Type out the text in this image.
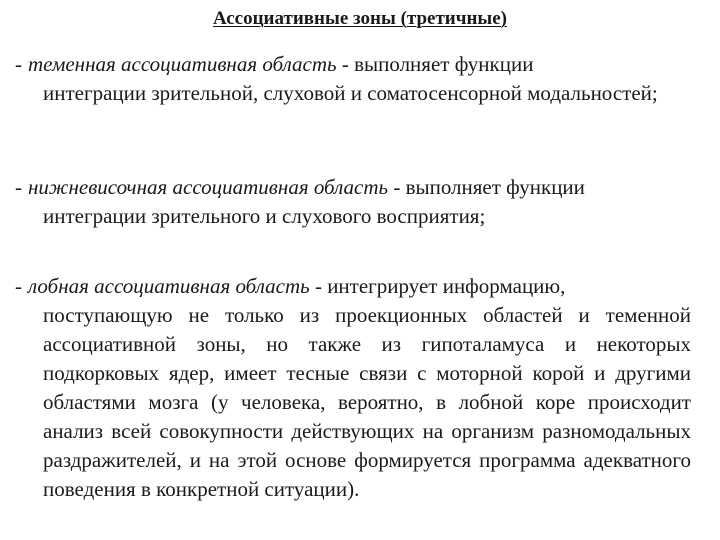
Ассоциативные зоны (третичные)
- теменная ассоциативная область - выполняет функции
интеграции зрительной, слуховой и соматосенсорной модальностей;
- нижневисочная ассоциативная область - выполняет функции
интеграции зрительного и слухового восприятия;
- лобная ассоциативная область - интегрирует информацию,
поступающую не только из проекционных областей и теменной ассоциативной зоны, но также из гипоталамуса и некоторых подкорковых ядер, имеет тесные связи с моторной корой и другими областями мозга (у человека, вероятно, в лобной коре происходит анализ всей совокупности действующих на организм разномодальных раздражителей, и на этой основе формируется программа адекватного поведения в конкретной ситуации).
